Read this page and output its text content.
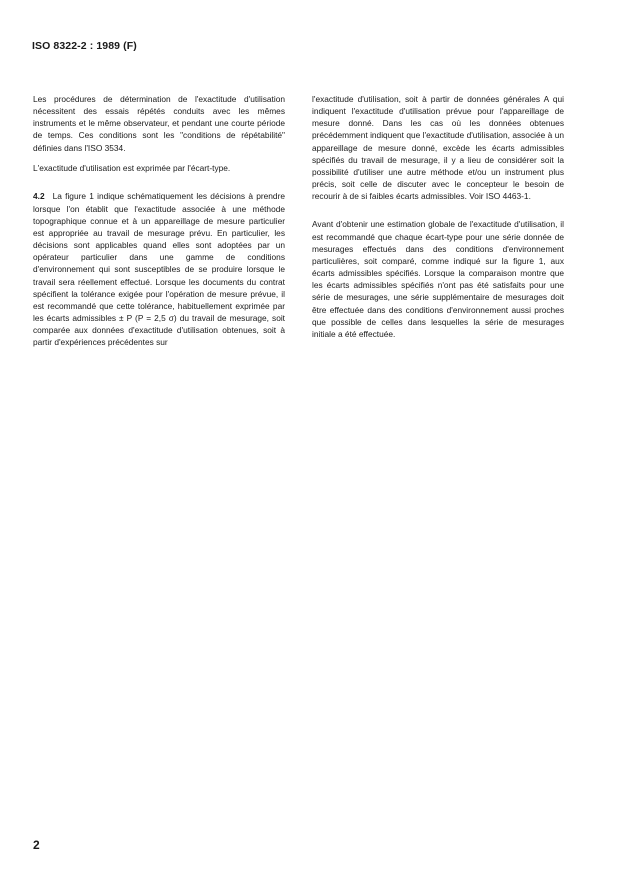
ISO 8322-2 : 1989 (F)

Les procédures de détermination de l'exactitude d'utilisation nécessitent des essais répétés conduits avec les mêmes instruments et le même observateur, et pendant une courte période de temps. Ces conditions sont les "conditions de répétabilité" définies dans l'ISO 3534.

L'exactitude d'utilisation est exprimée par l'écart-type.

4.2 La figure 1 indique schématiquement les décisions à prendre lorsque l'on établit que l'exactitude associée à une méthode topographique connue et à un appareillage de mesure particulier est appropriée au travail de mesurage prévu. En particulier, les décisions sont applicables quand elles sont adoptées par un opérateur particulier dans une gamme de conditions d'environnement qui sont susceptibles de se produire lorsque le travail sera réellement effectué. Lorsque les documents du contrat spécifient la tolérance exigée pour l'opération de mesure prévue, il est recommandé que cette tolérance, habituellement exprimée par les écarts admissibles ± P (P = 2,5 σ) du travail de mesurage, soit comparée aux données d'exactitude d'utilisation obtenues, soit à partir d'expériences précédentes sur

l'exactitude d'utilisation, soit à partir de données générales A qui indiquent l'exactitude d'utilisation prévue pour l'appareillage de mesure donné. Dans les cas où les données obtenues précédemment indiquent que l'exactitude d'utilisation, associée à un appareillage de mesure donné, excède les écarts admissibles spécifiés du travail de mesurage, il y a lieu de considérer soit la possibilité d'utiliser une autre méthode et/ou un instrument plus précis, soit celle de discuter avec le concepteur le besoin de recourir à de si faibles écarts admissibles. Voir ISO 4463-1.

Avant d'obtenir une estimation globale de l'exactitude d'utilisation, il est recommandé que chaque écart-type pour une série donnée de mesurages effectués dans des conditions d'environnement particulières, soit comparé, comme indiqué sur la figure 1, aux écarts admissibles spécifiés. Lorsque la comparaison montre que les écarts admissibles spécifiés n'ont pas été satisfaits pour une série de mesurages, une série supplémentaire de mesurages doit être effectuée dans des conditions d'environnement aussi proches que possible de celles dans lesquelles la série de mesurages initiale a été effectuée.

2
